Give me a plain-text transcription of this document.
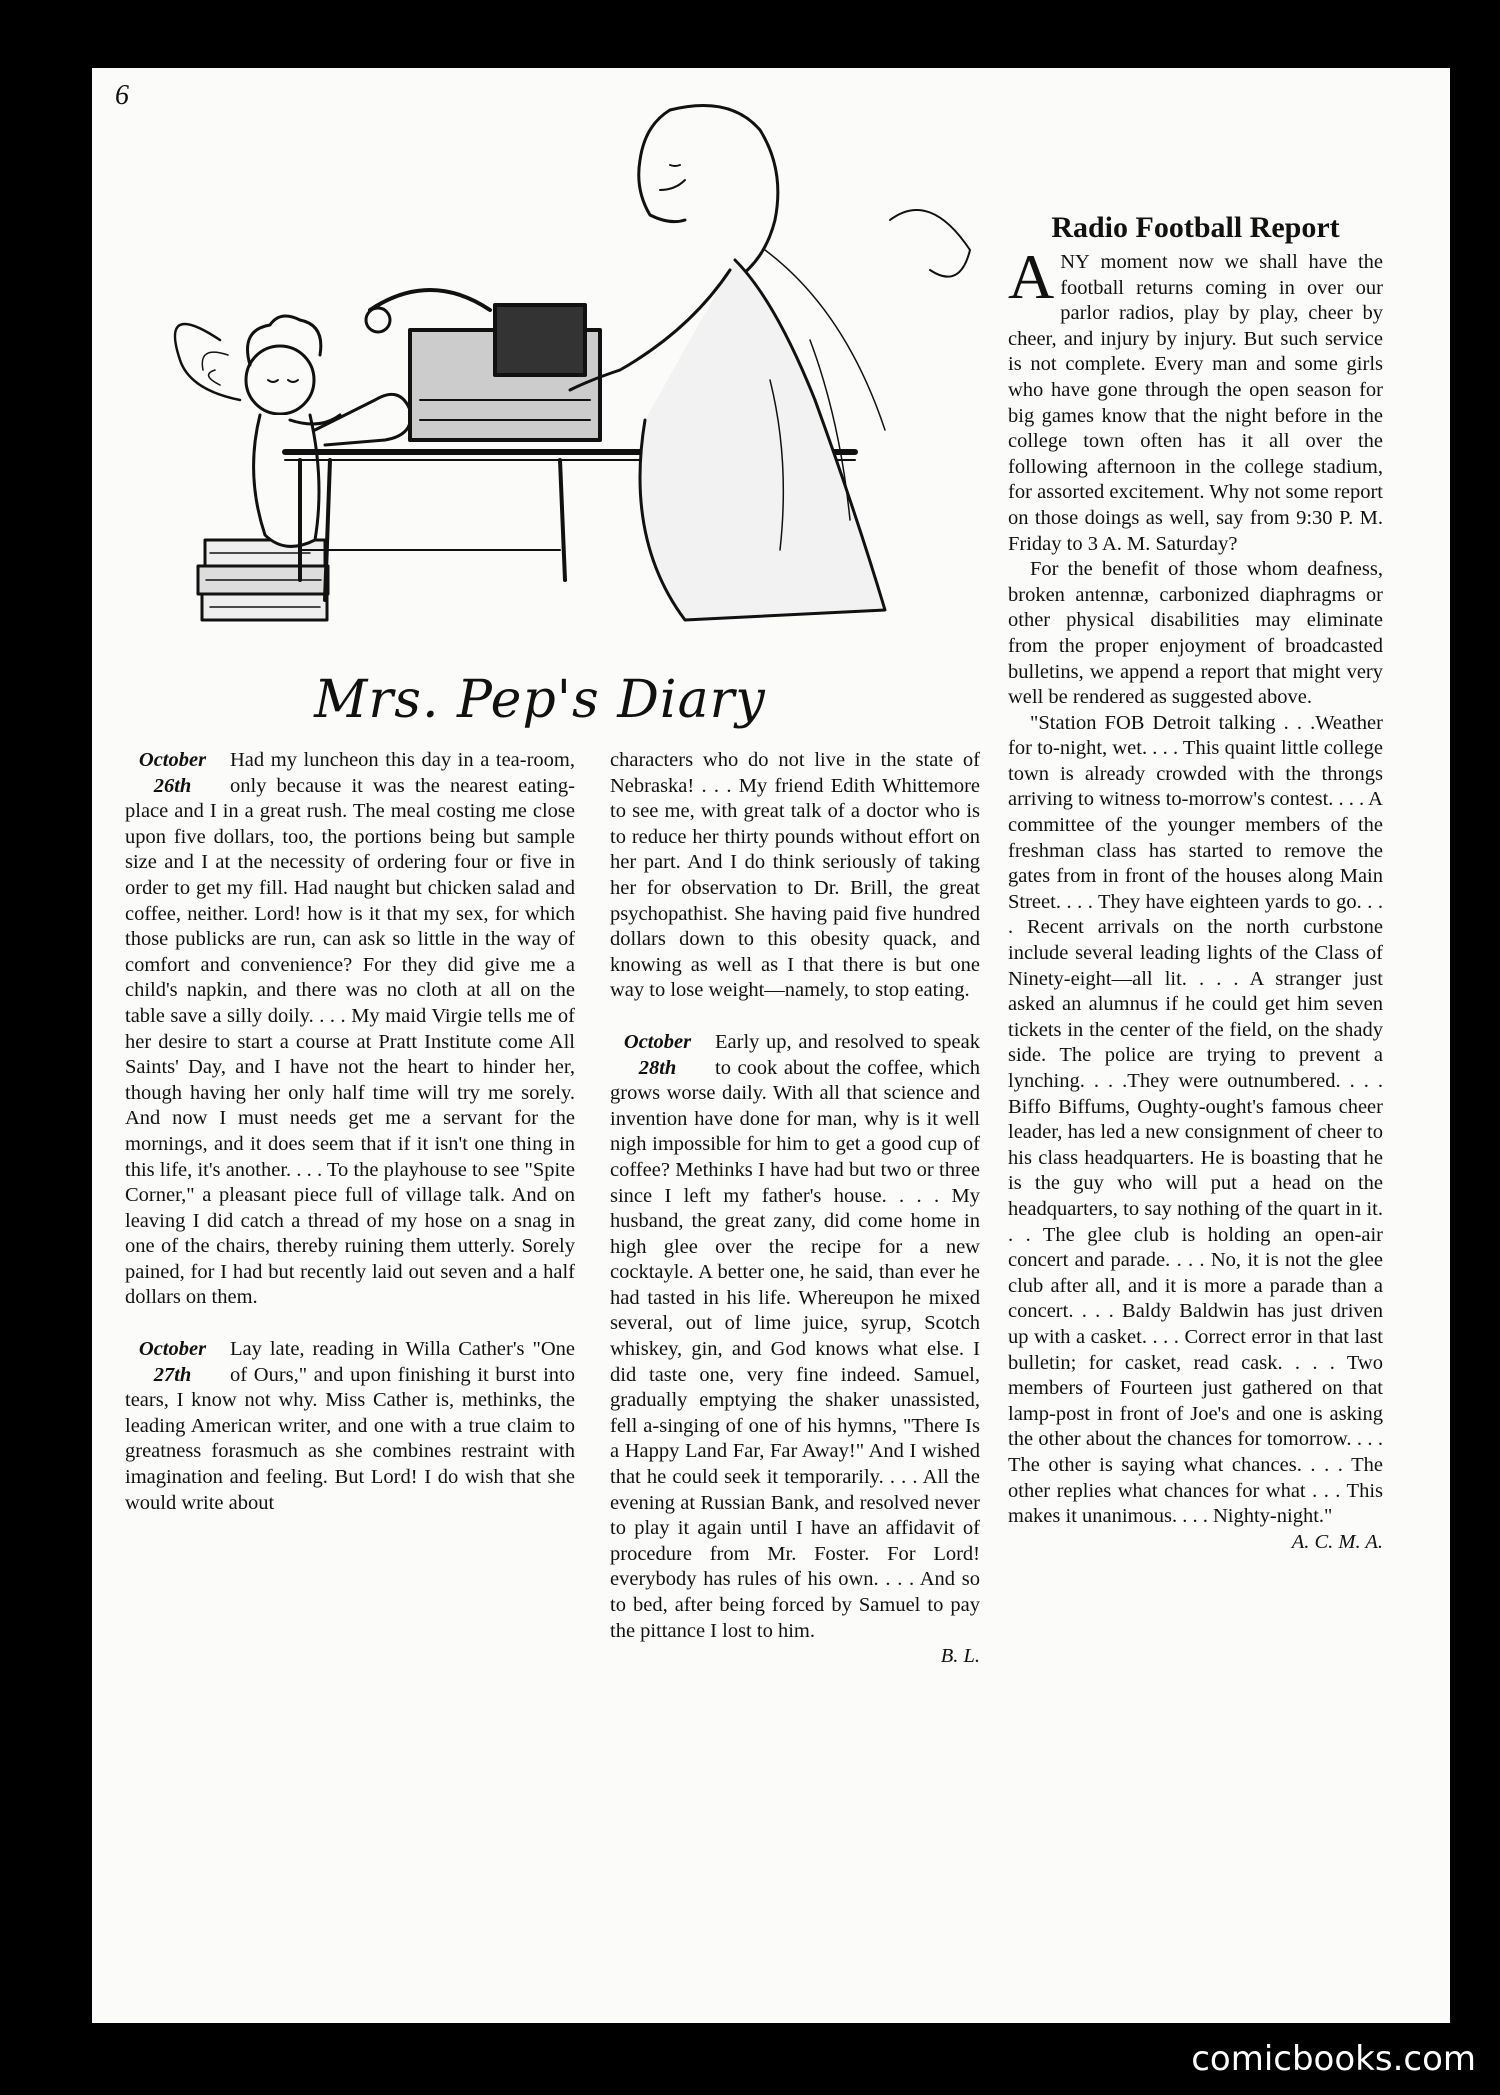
6
Mrs. Pep's Diary
October
26th
Had my luncheon this day in a tea-room, only because it was the nearest eating-place and I in a great rush. The meal costing me close upon five dollars, too, the portions being but sample size and I at the necessity of ordering four or five in order to get my fill. Had naught but chicken salad and coffee, neither. Lord! how is it that my sex, for which those publicks are run, can ask so little in the way of comfort and convenience? For they did give me a child's napkin, and there was no cloth at all on the table save a silly doily. . . . My maid Virgie tells me of her desire to start a course at Pratt Institute come All Saints' Day, and I have not the heart to hinder her, though having her only half time will try me sorely. And now I must needs get me a servant for the mornings, and it does seem that if it isn't one thing in this life, it's another. . . . To the playhouse to see "Spite Corner," a pleasant piece full of village talk. And on leaving I did catch a thread of my hose on a snag in one of the chairs, thereby ruining them utterly. Sorely pained, for I had but recently laid out seven and a half dollars on them.
October
27th
Lay late, reading in Willa Cather's "One of Ours," and upon finishing it burst into tears, I know not why. Miss Cather is, methinks, the leading American writer, and one with a true claim to greatness forasmuch as she combines restraint with imagination and feeling. But Lord! I do wish that she would write about
characters who do not live in the state of Nebraska! . . . My friend Edith Whittemore to see me, with great talk of a doctor who is to reduce her thirty pounds without effort on her part. And I do think seriously of taking her for observation to Dr. Brill, the great psychopathist. She having paid five hundred dollars down to this obesity quack, and knowing as well as I that there is but one way to lose weight—namely, to stop eating.
October
28th
Early up, and resolved to speak to cook about the coffee, which grows worse daily. With all that science and invention have done for man, why is it well nigh impossible for him to get a good cup of coffee? Methinks I have had but two or three since I left my father's house. . . . My husband, the great zany, did come home in high glee over the recipe for a new cocktayle. A better one, he said, than ever he had tasted in his life. Whereupon he mixed several, out of lime juice, syrup, Scotch whiskey, gin, and God knows what else. I did taste one, very fine indeed. Samuel, gradually emptying the shaker unassisted, fell a-singing of one of his hymns, "There Is a Happy Land Far, Far Away!" And I wished that he could seek it temporarily. . . . All the evening at Russian Bank, and resolved never to play it again until I have an affidavit of procedure from Mr. Foster. For Lord! everybody has rules of his own. . . . And so to bed, after being forced by Samuel to pay the pittance I lost to him.
B. L.
Radio Football Report

ANY moment now we shall have the football returns coming in over our parlor radios, play by play, cheer by cheer, and injury by injury. But such service is not complete. Every man and some girls who have gone through the open season for big games know that the night before in the college town often has it all over the following afternoon in the college stadium, for assorted excitement. Why not some report on those doings as well, say from 9:30 P. M. Friday to 3 A. M. Saturday?

For the benefit of those whom deafness, broken antennæ, carbonized diaphragms or other physical disabilities may eliminate from the proper enjoyment of broadcasted bulletins, we append a report that might very well be rendered as suggested above.

"Station FOB Detroit talking . . .Weather for to-night, wet. . . . This quaint little college town is already crowded with the throngs arriving to witness to-morrow's contest. . . . A committee of the younger members of the freshman class has started to remove the gates from in front of the houses along Main Street. . . . They have eighteen yards to go. . . . Recent arrivals on the north curbstone include several leading lights of the Class of Ninety-eight—all lit. . . . A stranger just asked an alumnus if he could get him seven tickets in the center of the field, on the shady side. The police are trying to prevent a lynching. . . .They were outnumbered. . . . Biffo Biffums, Oughty-ought's famous cheer leader, has led a new consignment of cheer to his class headquarters. He is boasting that he is the guy who will put a head on the headquarters, to say nothing of the quart in it. . . The glee club is holding an open-air concert and parade. . . . No, it is not the glee club after all, and it is more a parade than a concert. . . . Baldy Baldwin has just driven up with a casket. . . . Correct error in that last bulletin; for casket, read cask. . . . Two members of Fourteen just gathered on that lamp-post in front of Joe's and one is asking the other about the chances for tomorrow. . . . The other is saying what chances. . . . The other replies what chances for what . . . This makes it unanimous. . . . Nighty-night."

A. C. M. A.
comicbooks.com
